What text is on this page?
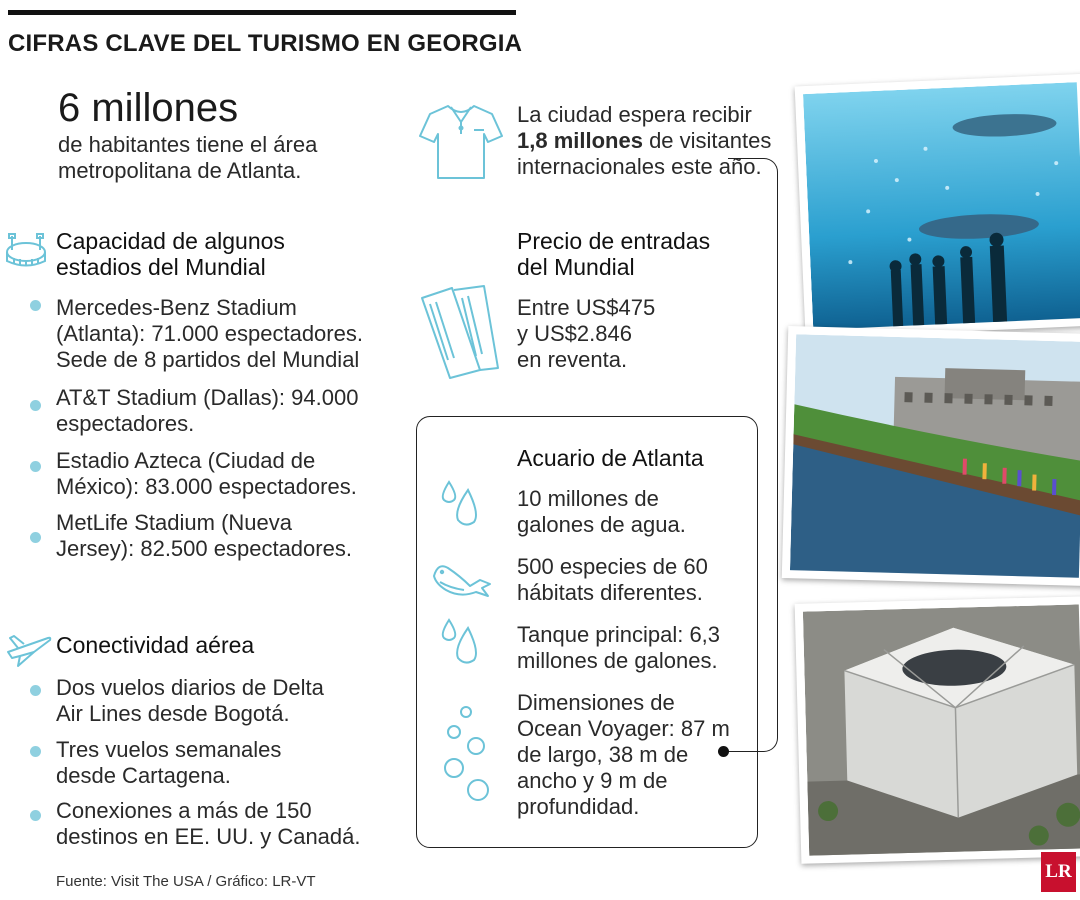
CIFRAS CLAVE DEL TURISMO EN GEORGIA
6 millones
de habitantes tiene el área
metropolitana de Atlanta.
Capacidad de algunos
estadios del Mundial
Mercedes-Benz Stadium
(Atlanta): 71.000 espectadores.
Sede de 8 partidos del Mundial
AT&T Stadium (Dallas): 94.000
espectadores.
Estadio Azteca (Ciudad de
México): 83.000 espectadores.
MetLife Stadium (Nueva
Jersey): 82.500 espectadores.
Conectividad aérea
Dos vuelos diarios de Delta
Air Lines desde Bogotá.
Tres vuelos semanales
desde Cartagena.
Conexiones a más de 150
destinos en EE. UU. y Canadá.
La ciudad espera recibir
1,8 millones de visitantes
internacionales este año.
Precio de entradas
del Mundial
Entre US$475
y US$2.846
en reventa.
Acuario de Atlanta
10 millones de
galones de agua.
500 especies de 60
hábitats diferentes.
Tanque principal: 6,3
millones de galones.
Dimensiones de
Ocean Voyager: 87 m
de largo, 38 m de
ancho y 9 m de
profundidad.
Fuente: Visit The USA / Gráfico: LR-VT	LR
